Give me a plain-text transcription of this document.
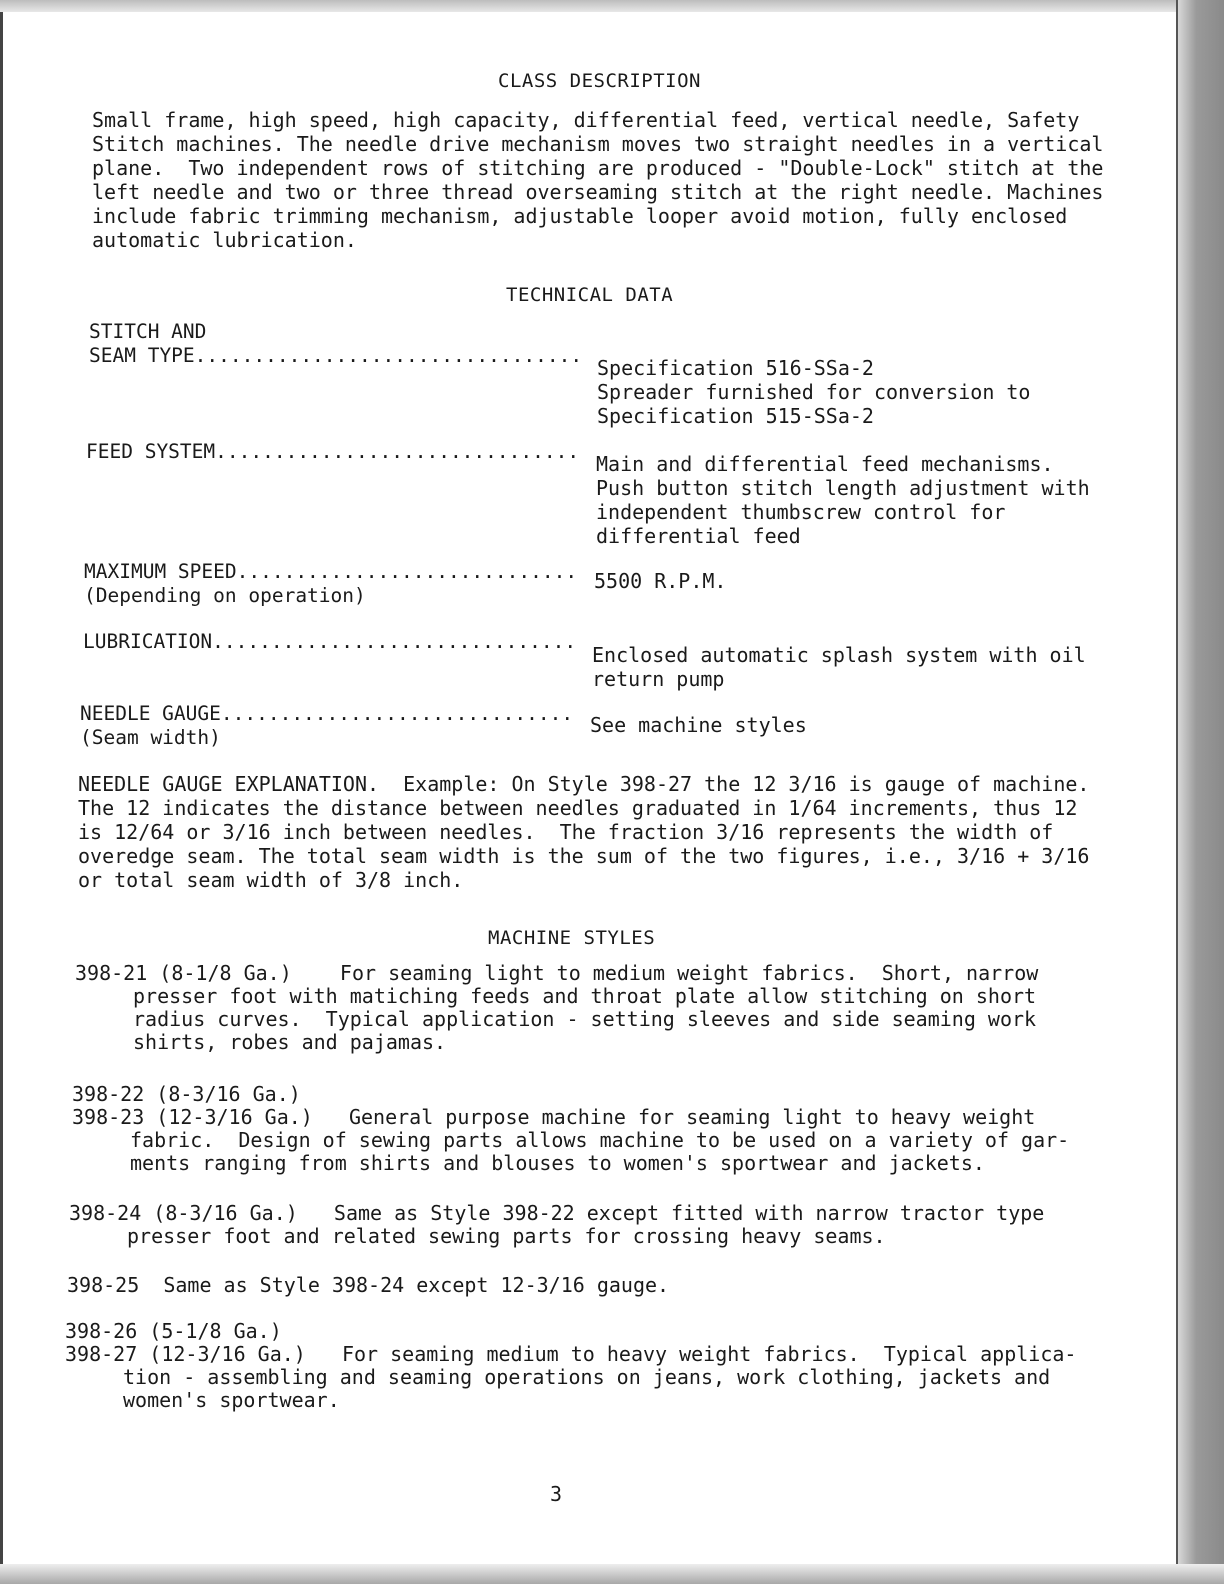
CLASS DESCRIPTION
Small frame, high speed, high capacity, differential feed, vertical needle, Safety
Stitch machines. The needle drive mechanism moves two straight needles in a vertical
plane.  Two independent rows of stitching are produced - "Double-Lock" stitch at the
left needle and two or three thread overseaming stitch at the right needle. Machines
include fabric trimming mechanism, adjustable looper avoid motion, fully enclosed
automatic lubrication.
TECHNICAL DATA
STITCH AND
SEAM TYPE.................................
Specification 516-SSa-2
Spreader furnished for conversion to
Specification 515-SSa-2
FEED SYSTEM...............................
Main and differential feed mechanisms.
Push button stitch length adjustment with
independent thumbscrew control for
differential feed
MAXIMUM SPEED.............................
(Depending on operation)
5500 R.P.M.
LUBRICATION...............................
Enclosed automatic splash system with oil
return pump
NEEDLE GAUGE..............................
(Seam width)
See machine styles
NEEDLE GAUGE EXPLANATION.  Example: On Style 398-27 the 12 3/16 is gauge of machine.
The 12 indicates the distance between needles graduated in 1/64 increments, thus 12
is 12/64 or 3/16 inch between needles.  The fraction 3/16 represents the width of
overedge seam. The total seam width is the sum of the two figures, i.e., 3/16 + 3/16
or total seam width of 3/8 inch.
MACHINE STYLES
398-21 (8-1/8 Ga.) For seaming light to medium weight fabrics.  Short, narrow
presser foot with matiching feeds and throat plate allow stitching on short
radius curves.  Typical application - setting sleeves and side seaming work
shirts, robes and pajamas.
398-22 (8-3/16 Ga.)
398-23 (12-3/16 Ga.) General purpose machine for seaming light to heavy weight
fabric.  Design of sewing parts allows machine to be used on a variety of gar-
ments ranging from shirts and blouses to women's sportwear and jackets.
398-24 (8-3/16 Ga.) Same as Style 398-22 except fitted with narrow tractor type
presser foot and related sewing parts for crossing heavy seams.
398-25 Same as Style 398-24 except 12-3/16 gauge.
398-26 (5-1/8 Ga.)
398-27 (12-3/16 Ga.) For seaming medium to heavy weight fabrics.  Typical applica-
tion - assembling and seaming operations on jeans, work clothing, jackets and
women's sportwear.
3
